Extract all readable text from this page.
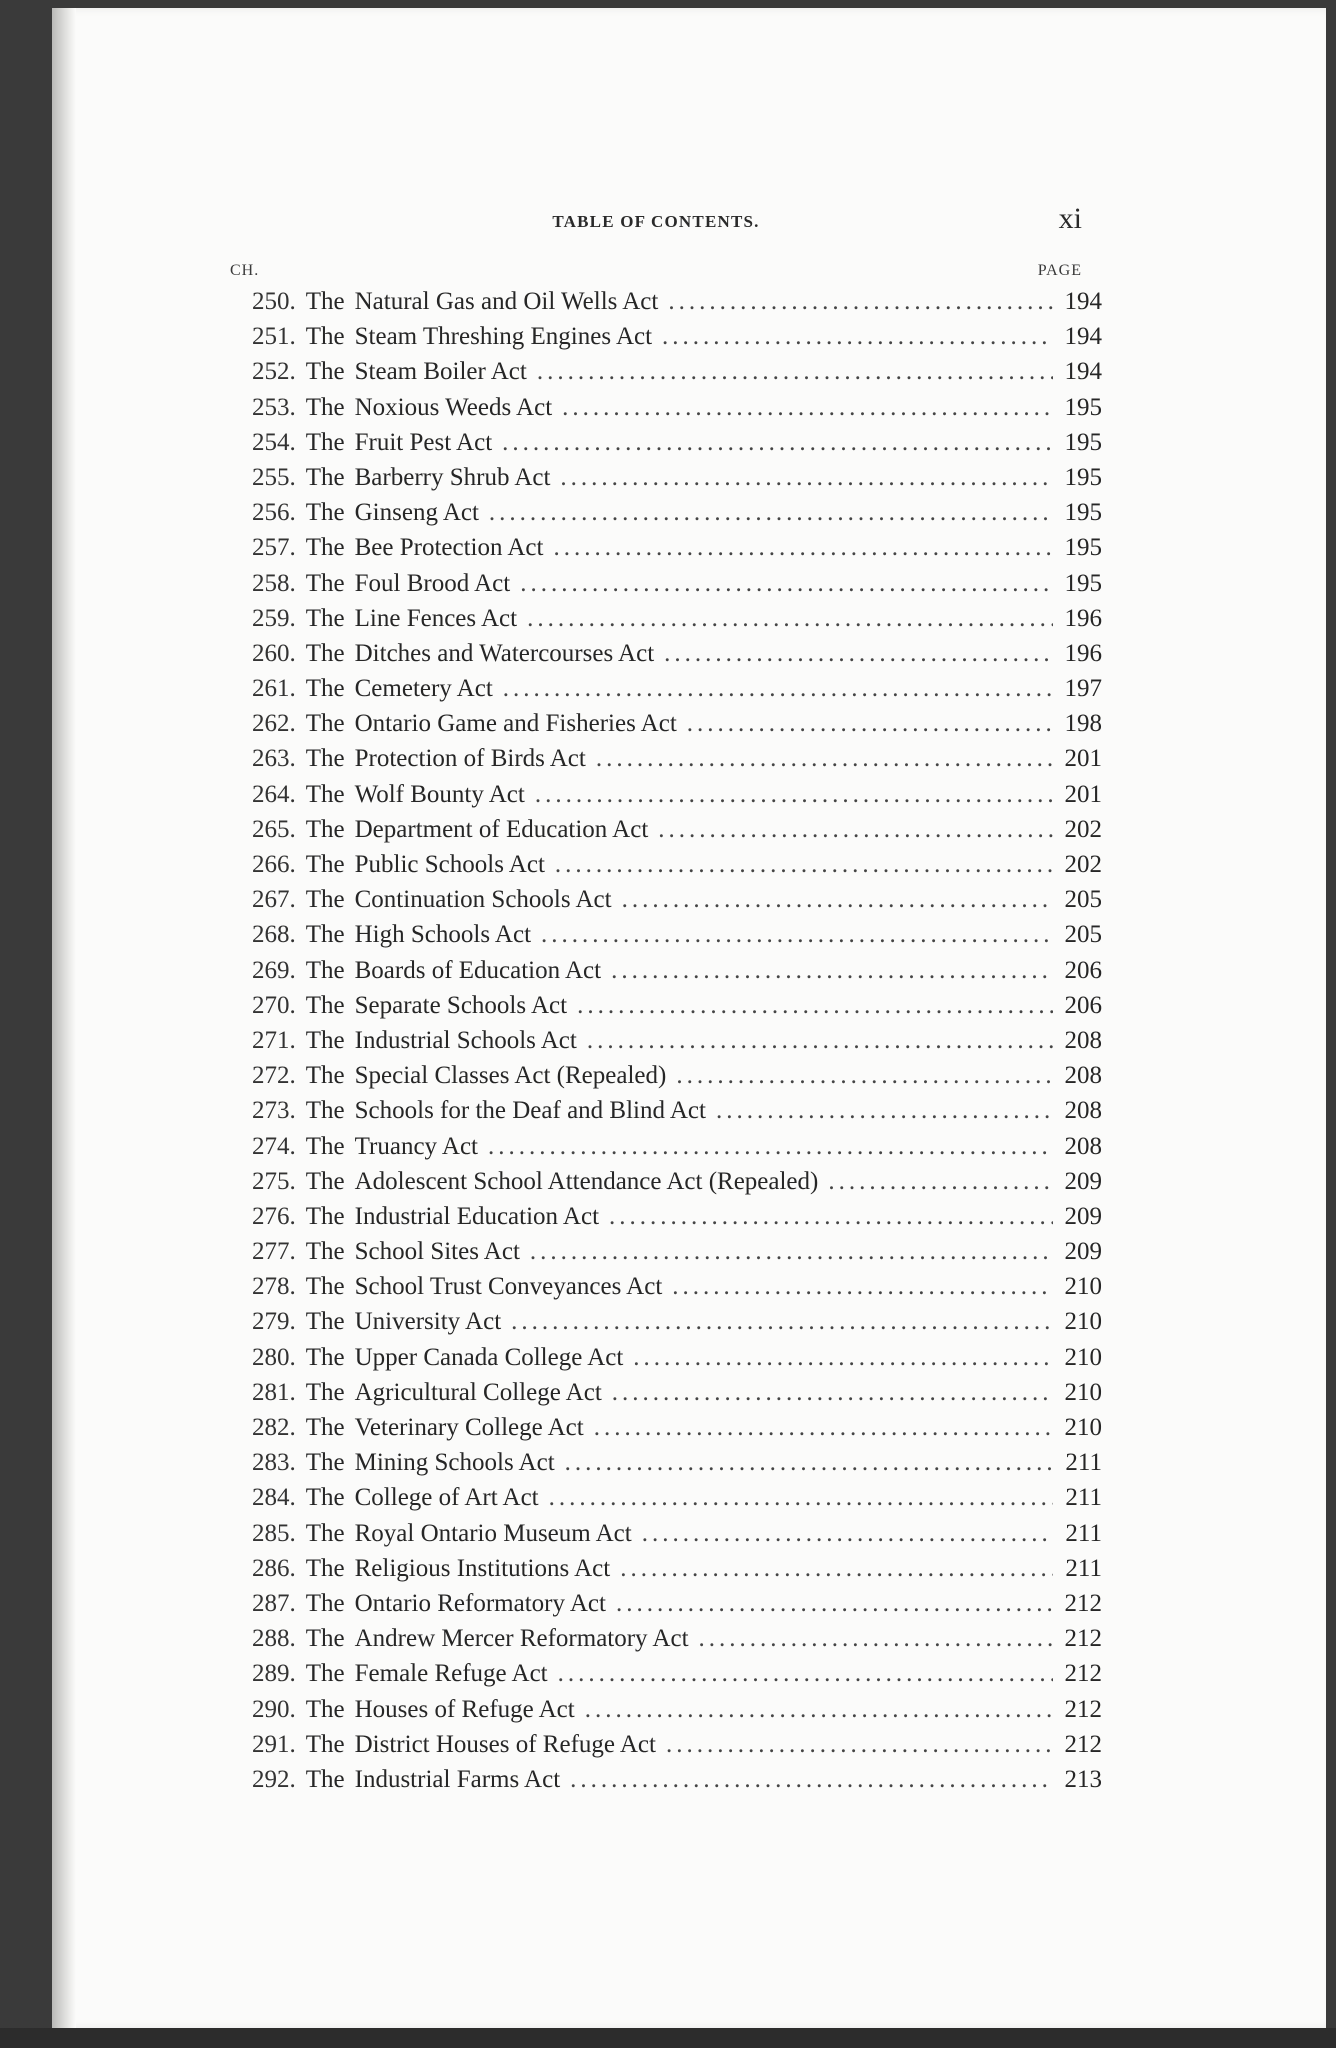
TABLE OF CONTENTS.	xi
CH.	PAGE
250. The Natural Gas and Oil Wells Act .....	194
251. The Steam Threshing Engines Act .....	194
252. The Steam Boiler Act .....	194
253. The Noxious Weeds Act .....	195
254. The Fruit Pest Act .....	195
255. The Barberry Shrub Act .....	195
256. The Ginseng Act .....	195
257. The Bee Protection Act .....	195
258. The Foul Brood Act .....	195
259. The Line Fences Act .....	196
260. The Ditches and Watercourses Act .....	196
261. The Cemetery Act .....	197
262. The Ontario Game and Fisheries Act .....	198
263. The Protection of Birds Act .....	201
264. The Wolf Bounty Act .....	201
265. The Department of Education Act .....	202
266. The Public Schools Act .....	202
267. The Continuation Schools Act .....	205
268. The High Schools Act .....	205
269. The Boards of Education Act .....	206
270. The Separate Schools Act .....	206
271. The Industrial Schools Act .....	208
272. The Special Classes Act (Repealed) .....	208
273. The Schools for the Deaf and Blind Act .....	208
274. The Truancy Act .....	208
275. The Adolescent School Attendance Act (Repealed) .....	209
276. The Industrial Education Act .....	209
277. The School Sites Act .....	209
278. The School Trust Conveyances Act .....	210
279. The University Act .....	210
280. The Upper Canada College Act .....	210
281. The Agricultural College Act .....	210
282. The Veterinary College Act .....	210
283. The Mining Schools Act .....	211
284. The College of Art Act .....	211
285. The Royal Ontario Museum Act .....	211
286. The Religious Institutions Act .....	211
287. The Ontario Reformatory Act .....	212
288. The Andrew Mercer Reformatory Act .....	212
289. The Female Refuge Act .....	212
290. The Houses of Refuge Act .....	212
291. The District Houses of Refuge Act .....	212
292. The Industrial Farms Act .....	213
